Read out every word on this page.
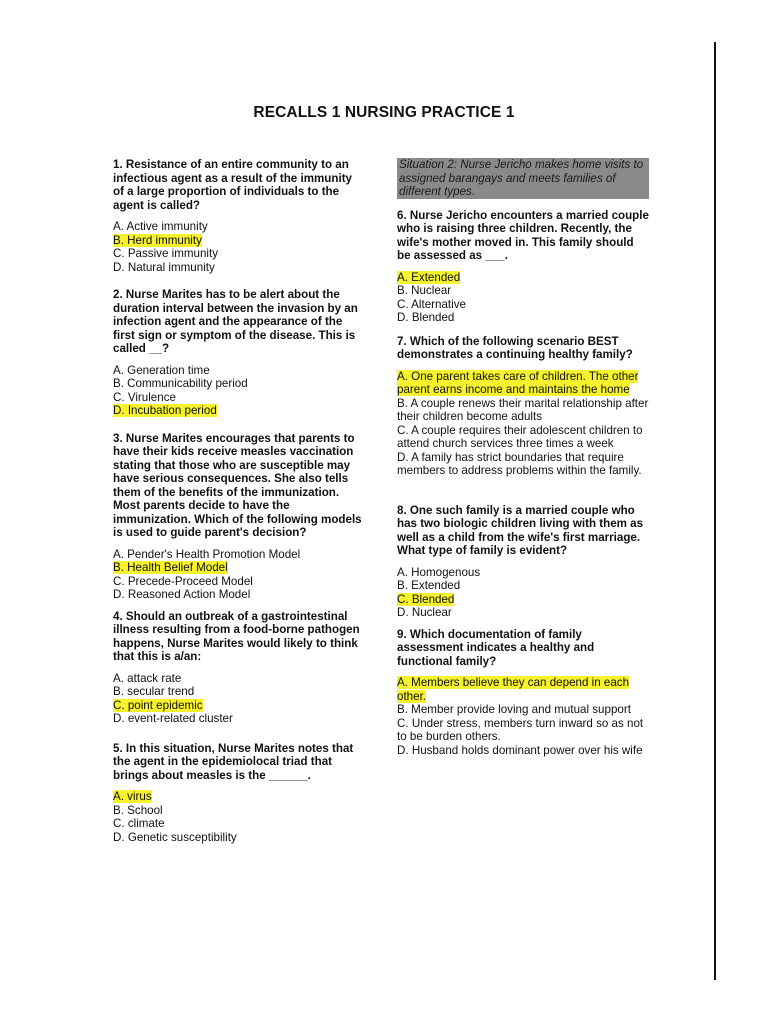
RECALLS 1 NURSING PRACTICE 1
1. Resistance of an entire community to an infectious agent as a result of the immunity of a large proportion of individuals to the agent is called?
A. Active immunity
B. Herd immunity
C. Passive immunity
D. Natural immunity
2. Nurse Marites has to be alert about the duration interval between the invasion by an infection agent and the appearance of the first sign or symptom of the disease. This is called __?
A. Generation time
B. Communicability period
C. Virulence
D. Incubation period
3. Nurse Marites encourages that parents to have their kids receive measles vaccination stating that those who are susceptible may have serious consequences. She also tells them of the benefits of the immunization. Most parents decide to have the immunization. Which of the following models is used to guide parent's decision?
A. Pender's Health Promotion Model
B. Health Belief Model
C. Precede-Proceed Model
D. Reasoned Action Model
4. Should an outbreak of a gastrointestinal illness resulting from a food-borne pathogen happens, Nurse Marites would likely to think that this is a/an:
A. attack rate
B. secular trend
C. point epidemic
D. event-related cluster
5. In this situation, Nurse Marites notes that the agent in the epidemiolocal triad that brings about measles is the ______.
A. virus
B. School
C. climate
D. Genetic susceptibility
Situation 2: Nurse Jericho makes home visits to assigned barangays and meets families of different types.
6. Nurse Jericho encounters a married couple who is raising three children. Recently, the wife's mother moved in. This family should be assessed as ___.
A. Extended
B. Nuclear
C. Alternative
D. Blended
7. Which of the following scenario BEST demonstrates a continuing healthy family?
A. One parent takes care of children. The other parent earns income and maintains the home
B. A couple renews their marital relationship after their children become adults
C. A couple requires their adolescent children to attend church services three times a week
D. A family has strict boundaries that require members to address problems within the family.
8. One such family is a married couple who has two biologic children living with them as well as a child from the wife's first marriage. What type of family is evident?
A. Homogenous
B. Extended
C. Blended
D. Nuclear
9. Which documentation of family assessment indicates a healthy and functional family?
A. Members believe they can depend in each other.
B. Member provide loving and mutual support
C. Under stress, members turn inward so as not to be burden others.
D. Husband holds dominant power over his wife
